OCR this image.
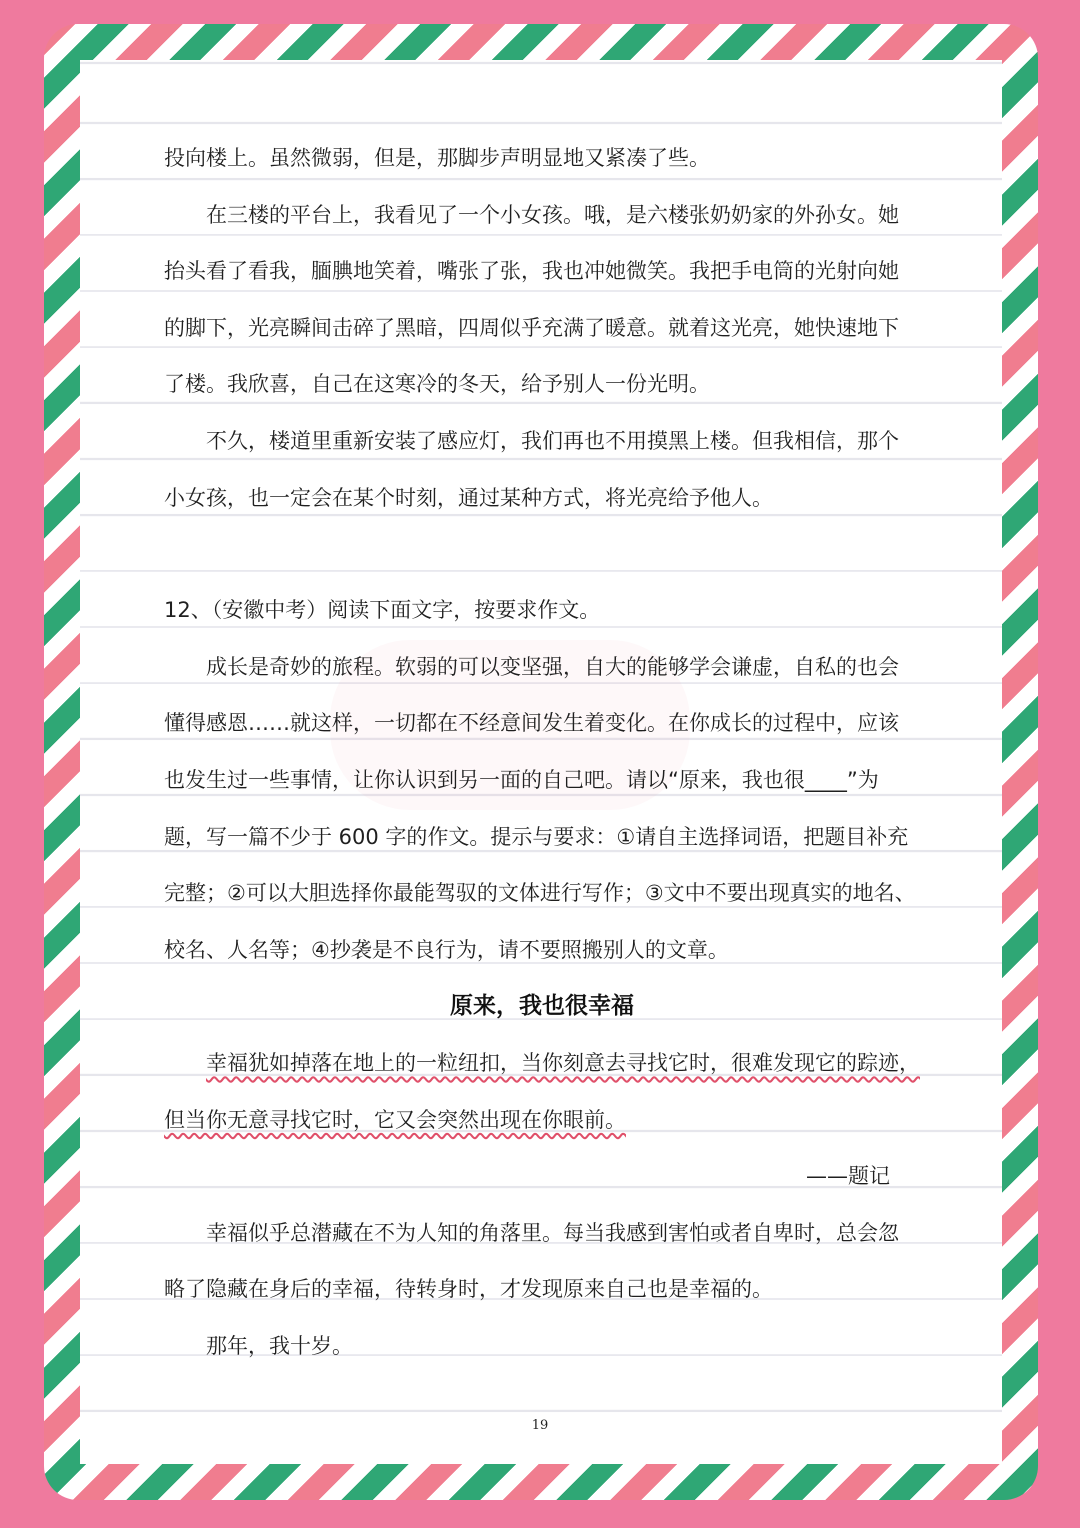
投向楼上。虽然微弱，但是，那脚步声明显地又紧凑了些。
在三楼的平台上，我看见了一个小女孩。哦，是六楼张奶奶家的外孙女。她
抬头看了看我，腼腆地笑着，嘴张了张，我也冲她微笑。我把手电筒的光射向她
的脚下，光亮瞬间击碎了黑暗，四周似乎充满了暖意。就着这光亮，她快速地下
了楼。我欣喜，自己在这寒冷的冬天，给予别人一份光明。
不久，楼道里重新安装了感应灯，我们再也不用摸黑上楼。但我相信，那个
小女孩，也一定会在某个时刻，通过某种方式，将光亮给予他人。
12、（安徽中考）阅读下面文字，按要求作文。
成长是奇妙的旅程。软弱的可以变坚强，自大的能够学会谦虚，自私的也会
懂得感恩……就这样，一切都在不经意间发生着变化。在你成长的过程中，应该
也发生过一些事情，让你认识到另一面的自己吧。请以“原来，我也很____”为
题，写一篇不少于 600 字的作文。提示与要求：①请自主选择词语，把题目补充
完整；②可以大胆选择你最能驾驭的文体进行写作；③文中不要出现真实的地名、
校名、人名等；④抄袭是不良行为，请不要照搬别人的文章。
原来，我也很幸福
幸福犹如掉落在地上的一粒纽扣，当你刻意去寻找它时，很难发现它的踪迹，
但当你无意寻找它时，它又会突然出现在你眼前。
——题记
幸福似乎总潜藏在不为人知的角落里。每当我感到害怕或者自卑时，总会忽
略了隐藏在身后的幸福，待转身时，才发现原来自己也是幸福的。
那年，我十岁。
19
